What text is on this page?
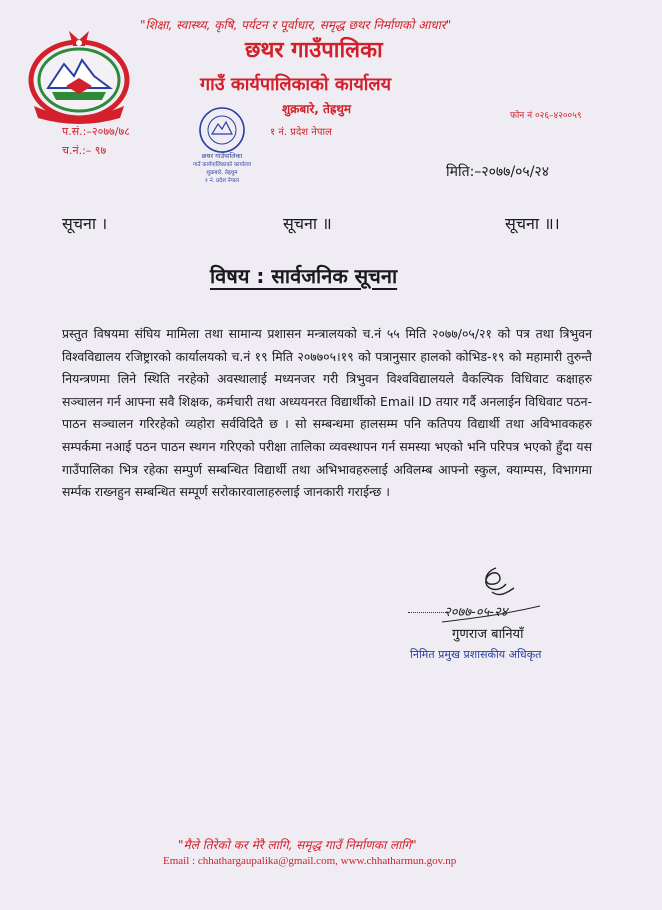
"शिक्षा, स्वास्थ्य, कृषि, पर्यटन र पूर्वाधार, समृद्ध छथर निर्माणको आधार"
छथर गाउँपालिका
गाउँ कार्यपालिकाको कार्यालय
शुक्रबारे, तेह्रथुम
१ नं. प्रदेश नेपाल
फोन नं ०२६–४२००५९
प.सं.:–२०७७/७८
च.नं.:– ९७	छथर गाउँपालिका
गाउँ कार्यपालिकाको कार्यालय
शुक्रबारे, तेह्रथुम
१ नं. प्रदेश नेपाल
मिति:–२०७७/०५/२४
सूचना ।	सूचना ॥	सूचना ॥।
विषय : सार्वजनिक सूचना
प्रस्तुत विषयमा संघिय मामिला तथा सामान्य प्रशासन मन्त्रालयको च.नं ५५ मिति २०७७/०५/२१ को पत्र तथा त्रिभुवन विश्वविद्यालय रजिष्ट्रारको कार्यालयको च.नं १९ मिति २०७७०५।१९ को पत्रानुसार हालको कोभिड-१९ को महामारी तुरुन्तै नियन्त्रणमा लिने स्थिति नरहेको अवस्थालाई मध्यनजर गरी त्रिभुवन विश्वविद्यालयले वैकल्पिक विधिवाट कक्षाहरु सञ्चालन गर्न आफ्ना सवै शिक्षक, कर्मचारी तथा अध्ययनरत विद्यार्थीको Email ID तयार गर्दै अनलाईन विधिवाट पठन-पाठन सञ्चालन गरिरहेको व्यहोरा सर्वविदितै छ । सो सम्बन्धमा हालसम्म पनि कतिपय विद्यार्थी तथा अविभावकहरु सम्पर्कमा नआई पठन पाठन स्थगन गरिएको परीक्षा तालिका व्यवस्थापन गर्न समस्या भएको भनि परिपत्र भएको हुँदा यस गाउँपालिका भित्र रहेका सम्पुर्ण सम्बन्धित विद्यार्थी तथा अभिभावहरुलाई अविलम्ब आफ्नो स्कुल, क्याम्पस, विभागमा सर्म्पक राख्नहुन सम्बन्धित सम्पूर्ण सरोकारवालाहरुलाई जानकारी गराईन्छ ।
२०७७-०५-२४
गुणराज बानियाँ
निमित प्रमुख प्रशासकीय अधिकृत
"मैले तिरेको कर मेरै लागि, समृद्ध गाउँ निर्माणका लागि"
Email : chhathargaupalika@gmail.com, www.chhatharmun.gov.np
